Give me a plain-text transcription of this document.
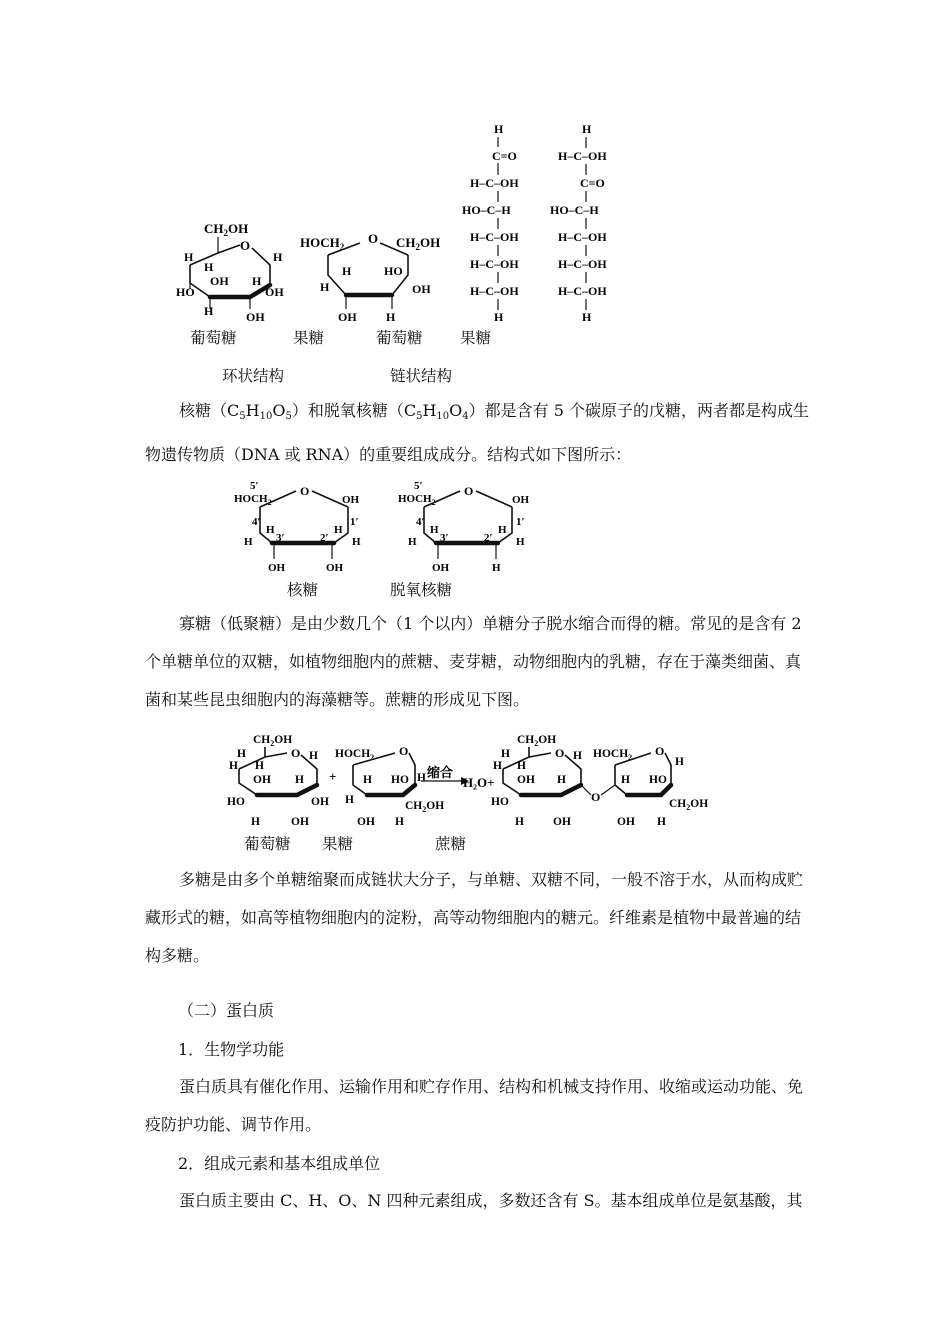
$CH_2OH$
O
H	H
H
OH H
HO	OH
H	OH
$HOCH_2$
O $CH_2OH$
H	HO
H	OH
OH H
H
C=O
H–C–OH
HO–C–H
H–C–OH
H–C–OH
H–C–OH
H
H
H–C–OH
C=O
HO–C–H
H–C–OH
H–C–OH
H–C–OH
H
葡萄糖	果糖	葡萄糖 果糖
环状结构	链状结构
核糖$(C_5H_{10}O_5)$和脱氧核糖$(C_5H_{10}O_4)$都是含有 5 个碳原子的戊糖，两者都是构成生物遗传物质（DNA 或 RNA）的重要组成成分。结构式如下图所示：
5′
$HOCH_2$
O
OH
4′
H
1′
H
3′	2′
H	H
OH	OH
5′
$HOCH_2$
O
OH
4′
H
1′
H
3′	2′
H	H
OH	H
核糖	脱氧核糖
寡糖（低聚糖）是由少数几个（1 个以内）单糖分子脱水缩合而得的糖。常见的是含有 2 个单糖单位的双糖，如植物细胞内的蔗糖、麦芽糖，动物细胞内的乳糖，存在于藻类细菌、真菌和某些昆虫细胞内的海藻糖等。蔗糖的形成见下图。
$CH_2OH$
O
H	H
H H
OH H
HO	OH
H	OH
+
$HOCH_2$ O
H HO
H
H
$CH_2OH$
OH H
缩合
H₂O+
$CH_2OH$
O
H	H
H H
OH H
HO
H	OH
O
$HOCH_2$ O
H HO
H
$CH_2OH$
OH H
葡萄糖 果糖	蔗糖
多糖是由多个单糖缩聚而成链状大分子，与单糖、双糖不同，一般不溶于水，从而构成贮藏形式的糖，如高等植物细胞内的淀粉，高等动物细胞内的糖元。纤维素是植物中最普遍的结构多糖。
（二）蛋白质
1．生物学功能
蛋白质具有催化作用、运输作用和贮存作用、结构和机械支持作用、收缩或运动功能、免疫防护功能、调节作用。
2．组成元素和基本组成单位
蛋白质主要由 C、H、O、N 四种元素组成，多数还含有 S。基本组成单位是氨基酸，其
